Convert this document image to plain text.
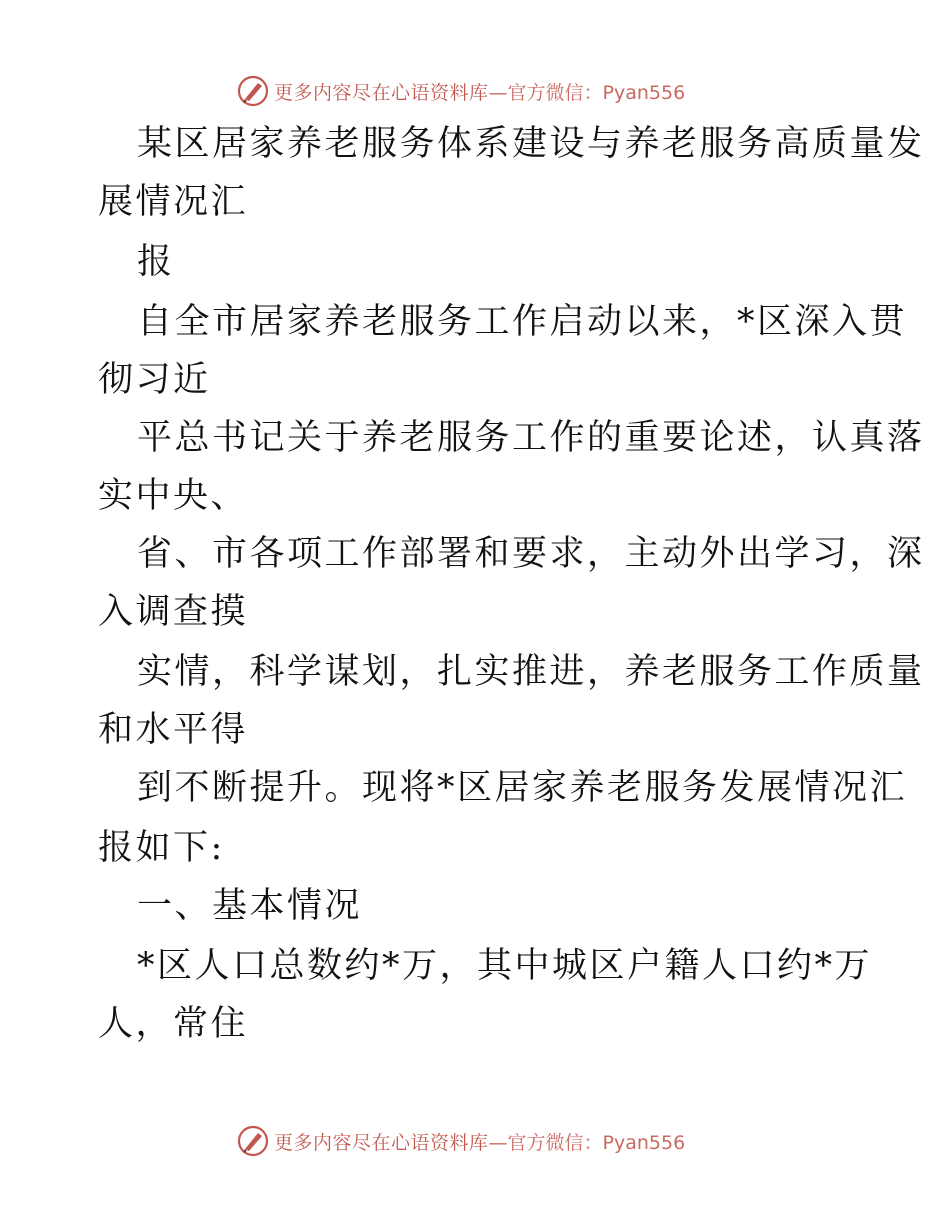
更多内容尽在心语资料库 —官方微信：Pyan556
某区居家养老服务体系建设与养老服务高质量发
展情况汇
报
自全市居家养老服务工作启动以来，*区深入贯
彻习近
平总书记关于养老服务工作的重要论述，认真落
实中央、
省、市各项工作部署和要求，主动外出学习，深
入调查摸
实情，科学谋划，扎实推进，养老服务工作质量
和水平得
到不断提升。现将*区居家养老服务发展情况汇
报如下:
一、基本情况
*区人口总数约*万，其中城区户籍人口约*万
人，常住
更多内容尽在心语资料库 —官方微信：Pyan556
